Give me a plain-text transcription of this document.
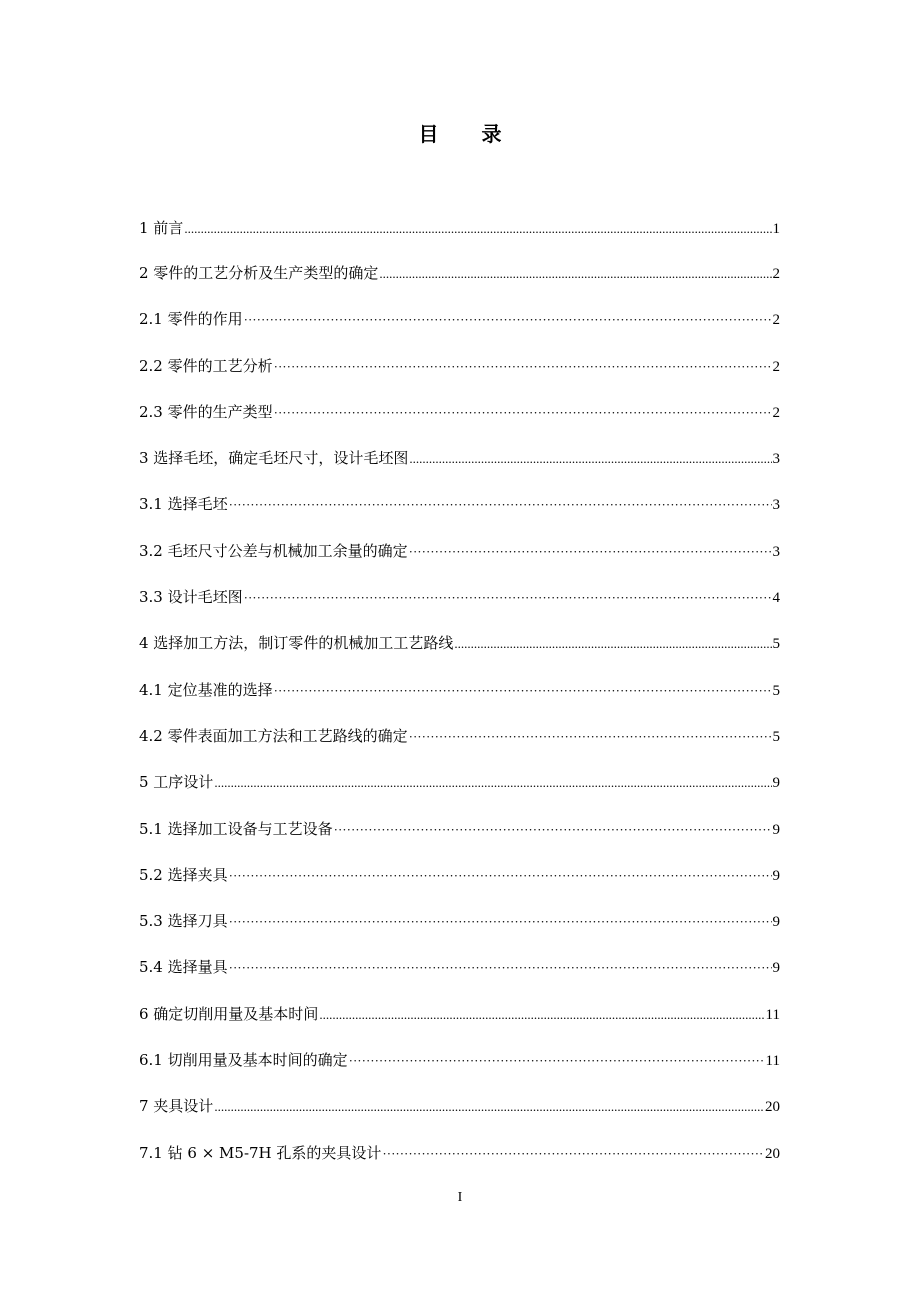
目 录
1 前言 .....	1
2 零件的工艺分析及生产类型的确定 .....	2
2.1 零件的作用 ·····	2
2.2 零件的工艺分析 ·····	2
2.3 零件的生产类型 ·····	2
3 选择毛坯，确定毛坯尺寸，设计毛坯图 .....	3
3.1 选择毛坯 ·····	3
3.2 毛坯尺寸公差与机械加工余量的确定 ·····	3
3.3 设计毛坯图 ·····	4
4 选择加工方法，制订零件的机械加工工艺路线 .....	5
4.1 定位基准的选择 ·····	5
4.2 零件表面加工方法和工艺路线的确定 ·····	5
5 工序设计 .....	9
5.1 选择加工设备与工艺设备 ·····	9
5.2 选择夹具 ·····	9
5.3 选择刀具 ·····	9
5.4 选择量具 ·····	9
6 确定切削用量及基本时间 .....	11
6.1 切削用量及基本时间的确定 ·····	11
7 夹具设计 .....	20
7.1 钻 6 × M5-7H 孔系的夹具设计 ·····	20
I
